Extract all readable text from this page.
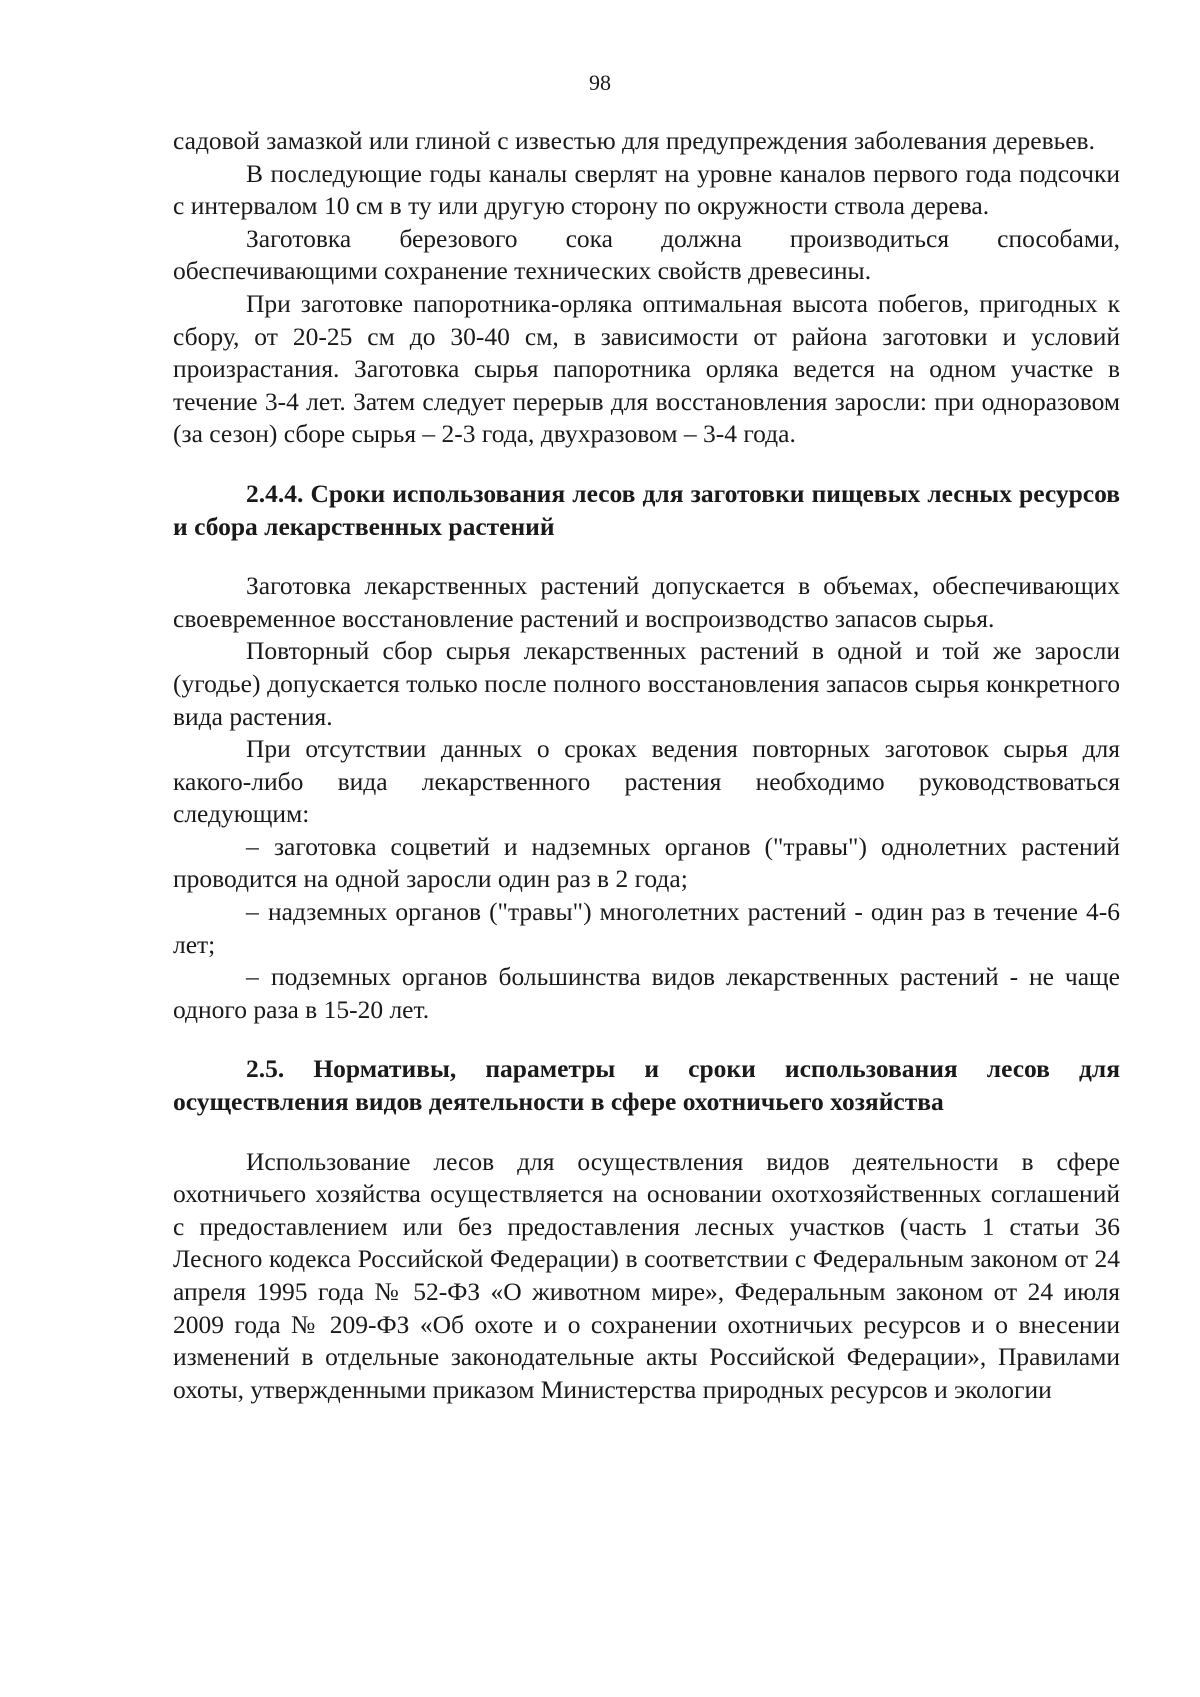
98

садовой замазкой или глиной с известью для предупреждения заболевания деревьев.

В последующие годы каналы сверлят на уровне каналов первого года подсочки с интервалом 10 см в ту или другую сторону по окружности ствола дерева.

Заготовка березового сока должна производиться способами, обеспечивающими сохранение технических свойств древесины.

При заготовке папоротника-орляка оптимальная высота побегов, пригодных к сбору, от 20-25 см до 30-40 см, в зависимости от района заготовки и условий произрастания. Заготовка сырья папоротника орляка ведется на одном участке в течение 3-4 лет. Затем следует перерыв для восстановления заросли: при одноразовом (за сезон) сборе сырья – 2-3 года, двухразовом – 3-4 года.

2.4.4. Сроки использования лесов для заготовки пищевых лесных ресурсов и сбора лекарственных растений

Заготовка лекарственных растений допускается в объемах, обеспечивающих своевременное восстановление растений и воспроизводство запасов сырья.

Повторный сбор сырья лекарственных растений в одной и той же заросли (угодье) допускается только после полного восстановления запасов сырья конкретного вида растения.

При отсутствии данных о сроках ведения повторных заготовок сырья для какого-либо вида лекарственного растения необходимо руководствоваться следующим:

– заготовка соцветий и надземных органов ("травы") однолетних растений проводится на одной заросли один раз в 2 года;

– надземных органов ("травы") многолетних растений - один раз в течение 4-6 лет;

– подземных органов большинства видов лекарственных растений - не чаще одного раза в 15-20 лет.

2.5. Нормативы, параметры и сроки использования лесов для осуществления видов деятельности в сфере охотничьего хозяйства

Использование лесов для осуществления видов деятельности в сфере охотничьего хозяйства осуществляется на основании охотхозяйственных соглашений с предоставлением или без предоставления лесных участков (часть 1 статьи 36 Лесного кодекса Российской Федерации) в соответствии с Федеральным законом от 24 апреля 1995 года № 52-ФЗ «О животном мире», Федеральным законом от 24 июля 2009 года № 209-ФЗ «Об охоте и о сохранении охотничьих ресурсов и о внесении изменений в отдельные законодательные акты Российской Федерации», Правилами охоты, утвержденными приказом Министерства природных ресурсов и экологии
